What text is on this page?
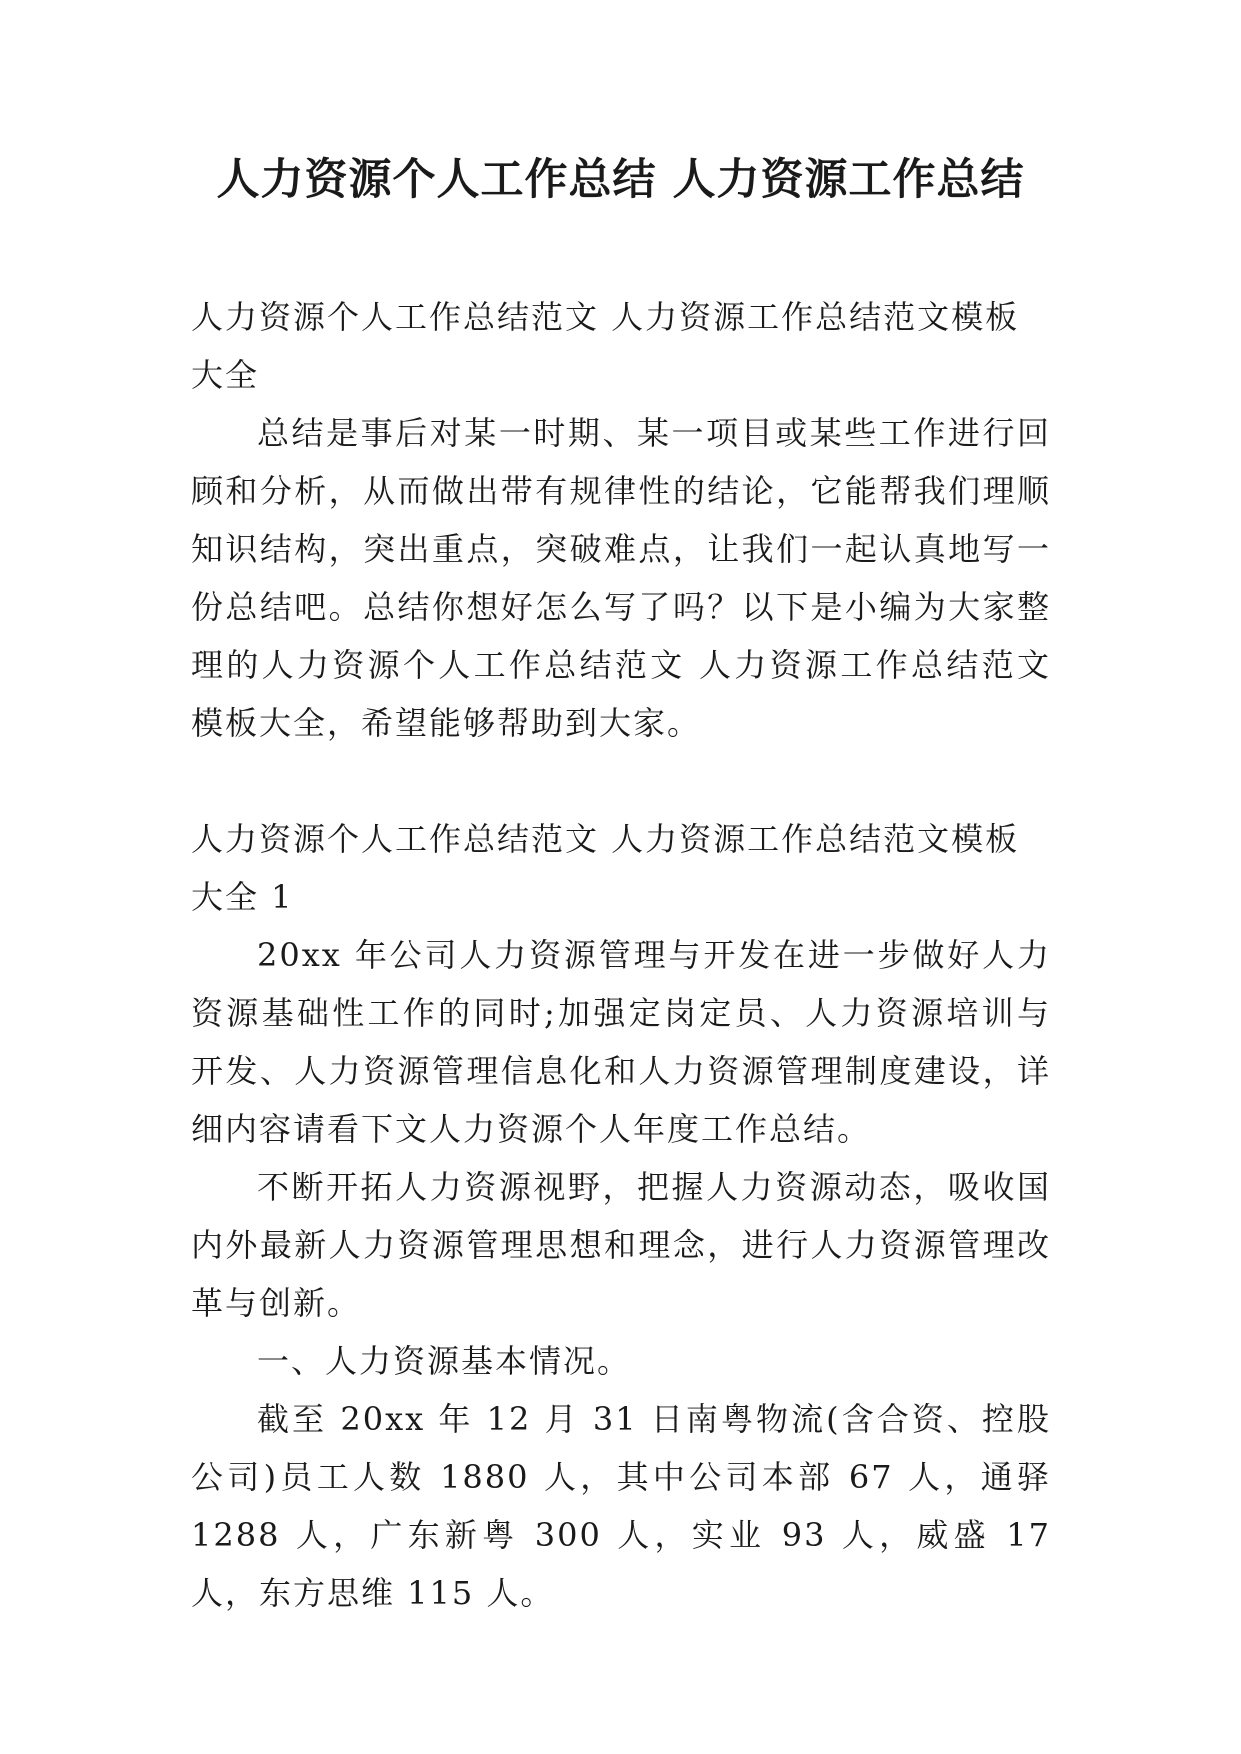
人力资源个人工作总结 人力资源工作总结

人力资源个人工作总结范文 人力资源工作总结范文模板大全

总结是事后对某一时期、某一项目或某些工作进行回顾和分析，从而做出带有规律性的结论，它能帮我们理顺知识结构，突出重点，突破难点，让我们一起认真地写一份总结吧。总结你想好怎么写了吗？以下是小编为大家整理的人力资源个人工作总结范文 人力资源工作总结范文模板大全，希望能够帮助到大家。

人力资源个人工作总结范文 人力资源工作总结范文模板大全 1

20xx 年公司人力资源管理与开发在进一步做好人力资源基础性工作的同时;加强定岗定员、人力资源培训与开发、人力资源管理信息化和人力资源管理制度建设，详细内容请看下文人力资源个人年度工作总结。

不断开拓人力资源视野，把握人力资源动态，吸收国内外最新人力资源管理思想和理念，进行人力资源管理改革与创新。

一、人力资源基本情况。

截至 20xx 年 12 月 31 日南粤物流(含合资、控股公司)员工人数 1880 人，其中公司本部 67 人，通驿 1288 人，广东新粤 300 人，实业 93 人，威盛 17 人，东方思维 115 人。
